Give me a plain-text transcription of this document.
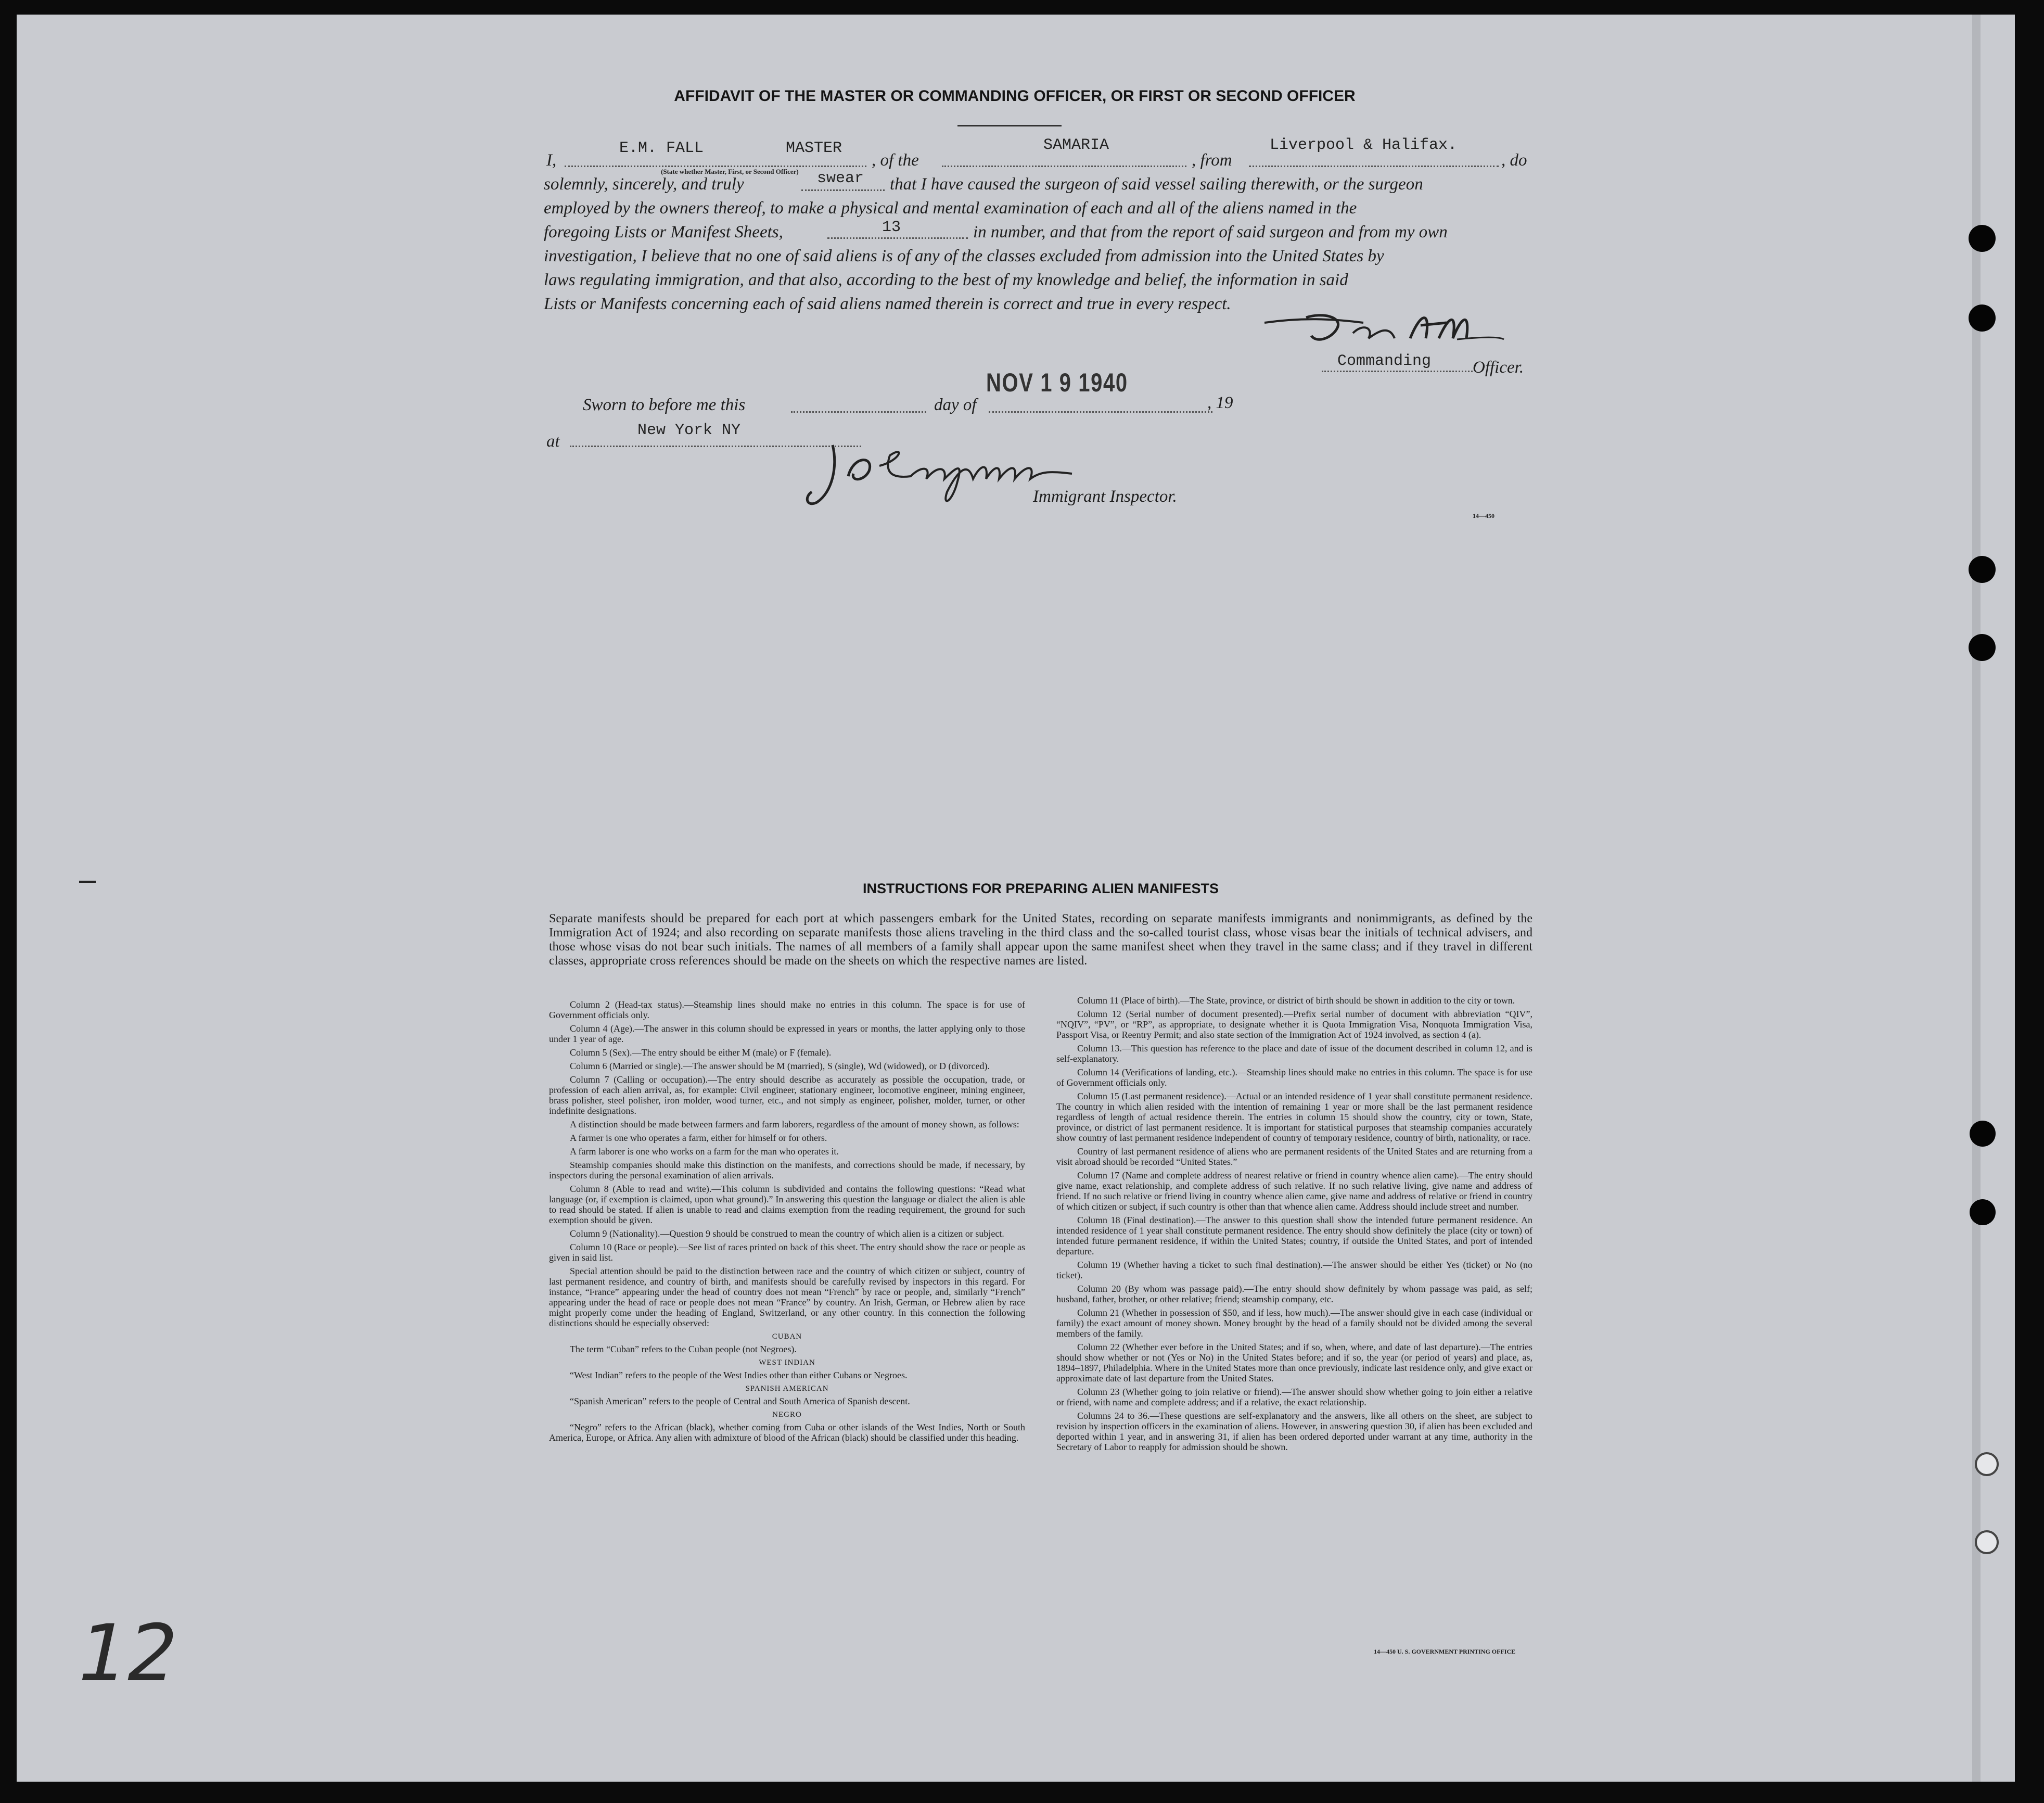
AFFIDAVIT OF THE MASTER OR COMMANDING OFFICER, OR FIRST OR SECOND OFFICER
I,
E.M. FALL	MASTER
(State whether Master, First, or Second Officer)
, of the
SAMARIA
, from
Liverpool & Halifax.
, do
solemnly, sincerely, and truly	swear that I have caused the surgeon of said vessel sailing therewith, or the surgeon
employed by the owners thereof, to make a physical and mental examination of each and all of the aliens named in the
foregoing Lists or Manifest Sheets,	13	in number, and that from the report of said surgeon and from my own
investigation, I believe that no one of said aliens is of any of the classes excluded from admission into the United States by
laws regulating immigration, and that also, according to the best of my knowledge and belief, the information in said
Lists or Manifests concerning each of said aliens named therein is correct and true in every respect.
Commanding Officer.
Sworn to before me this	day of
NOV 1 9 1940
, 19
at
New York NY
Immigrant Inspector.
14—450
INSTRUCTIONS FOR PREPARING ALIEN MANIFESTS
Separate manifests should be prepared for each port at which passengers embark for the United States, recording on separate manifests immigrants and nonimmigrants, as defined by the Immigration Act of 1924; and also recording on separate manifests those aliens traveling in the third class and the so-called tourist class, whose visas bear the initials of technical advisers, and those whose visas do not bear such initials. The names of all members of a family shall appear upon the same manifest sheet when they travel in the same class; and if they travel in different classes, appropriate cross references should be made on the sheets on which the respective names are listed.

Column 2 (Head-tax status).—Steamship lines should make no entries in this column. The space is for use of Government officials only.

Column 4 (Age).—The answer in this column should be expressed in years or months, the latter applying only to those under 1 year of age.

Column 5 (Sex).—The entry should be either M (male) or F (female).

Column 6 (Married or single).—The answer should be M (married), S (single), Wd (widowed), or D (divorced).

Column 7 (Calling or occupation).—The entry should describe as accurately as possible the occupation, trade, or profession of each alien arrival, as, for example: Civil engineer, stationary engineer, locomotive engineer, mining engineer, brass polisher, steel polisher, iron molder, wood turner, etc., and not simply as engineer, polisher, molder, turner, or other indefinite designations.

A distinction should be made between farmers and farm laborers, regardless of the amount of money shown, as follows:

A farmer is one who operates a farm, either for himself or for others.

A farm laborer is one who works on a farm for the man who operates it.

Steamship companies should make this distinction on the manifests, and corrections should be made, if necessary, by inspectors during the personal examination of alien arrivals.

Column 8 (Able to read and write).—This column is subdivided and contains the following questions: “Read what language (or, if exemption is claimed, upon what ground).” In answering this question the language or dialect the alien is able to read should be stated. If alien is unable to read and claims exemption from the reading requirement, the ground for such exemption should be given.

Column 9 (Nationality).—Question 9 should be construed to mean the country of which alien is a citizen or subject.

Column 10 (Race or people).—See list of races printed on back of this sheet. The entry should show the race or people as given in said list.

Special attention should be paid to the distinction between race and the country of which citizen or subject, country of last permanent residence, and country of birth, and manifests should be carefully revised by inspectors in this regard. For instance, “France” appearing under the head of country does not mean “French” by race or people, and, similarly “French” appearing under the head of race or people does not mean “France” by country. An Irish, German, or Hebrew alien by race might properly come under the heading of England, Switzerland, or any other country. In this connection the following distinctions should be especially observed:

CUBAN

The term “Cuban” refers to the Cuban people (not Negroes).

WEST INDIAN

“West Indian” refers to the people of the West Indies other than either Cubans or Negroes.

SPANISH AMERICAN

“Spanish American” refers to the people of Central and South America of Spanish descent.

NEGRO

“Negro” refers to the African (black), whether coming from Cuba or other islands of the West Indies, North or South America, Europe, or Africa. Any alien with admixture of blood of the African (black) should be classified under this heading.

Column 11 (Place of birth).—The State, province, or district of birth should be shown in addition to the city or town.

Column 12 (Serial number of document presented).—Prefix serial number of document with abbreviation “QIV”, “NQIV”, “PV”, or “RP”, as appropriate, to designate whether it is Quota Immigration Visa, Nonquota Immigration Visa, Passport Visa, or Reentry Permit; and also state section of the Immigration Act of 1924 involved, as section 4 (a).

Column 13.—This question has reference to the place and date of issue of the document described in column 12, and is self-explanatory.

Column 14 (Verifications of landing, etc.).—Steamship lines should make no entries in this column. The space is for use of Government officials only.

Column 15 (Last permanent residence).—Actual or an intended residence of 1 year shall constitute permanent residence. The country in which alien resided with the intention of remaining 1 year or more shall be the last permanent residence regardless of length of actual residence therein. The entries in column 15 should show the country, city or town, State, province, or district of last permanent residence. It is important for statistical purposes that steamship companies accurately show country of last permanent residence independent of country of temporary residence, country of birth, nationality, or race.

Country of last permanent residence of aliens who are permanent residents of the United States and are returning from a visit abroad should be recorded “United States.”

Column 17 (Name and complete address of nearest relative or friend in country whence alien came).—The entry should give name, exact relationship, and complete address of such relative. If no such relative living, give name and address of friend. If no such relative or friend living in country whence alien came, give name and address of relative or friend in country of which citizen or subject, if such country is other than that whence alien came. Address should include street and number.

Column 18 (Final destination).—The answer to this question shall show the intended future permanent residence. An intended residence of 1 year shall constitute permanent residence. The entry should show definitely the place (city or town) of intended future permanent residence, if within the United States; country, if outside the United States, and port of intended departure.

Column 19 (Whether having a ticket to such final destination).—The answer should be either Yes (ticket) or No (no ticket).

Column 20 (By whom was passage paid).—The entry should show definitely by whom passage was paid, as self; husband, father, brother, or other relative; friend; steamship company, etc.

Column 21 (Whether in possession of $50, and if less, how much).—The answer should give in each case (individual or family) the exact amount of money shown. Money brought by the head of a family should not be divided among the several members of the family.

Column 22 (Whether ever before in the United States; and if so, when, where, and date of last departure).—The entries should show whether or not (Yes or No) in the United States before; and if so, the year (or period of years) and place, as, 1894–1897, Philadelphia. Where in the United States more than once previously, indicate last residence only, and give exact or approximate date of last departure from the United States.

Column 23 (Whether going to join relative or friend).—The answer should show whether going to join either a relative or friend, with name and complete address; and if a relative, the exact relationship.

Columns 24 to 36.—These questions are self-explanatory and the answers, like all others on the sheet, are subject to revision by inspection officers in the examination of aliens. However, in answering question 30, if alien has been excluded and deported within 1 year, and in answering 31, if alien has been ordered deported under warrant at any time, authority in the Secretary of Labor to reapply for admission should be shown.

14—450 U. S. GOVERNMENT PRINTING OFFICE
12
